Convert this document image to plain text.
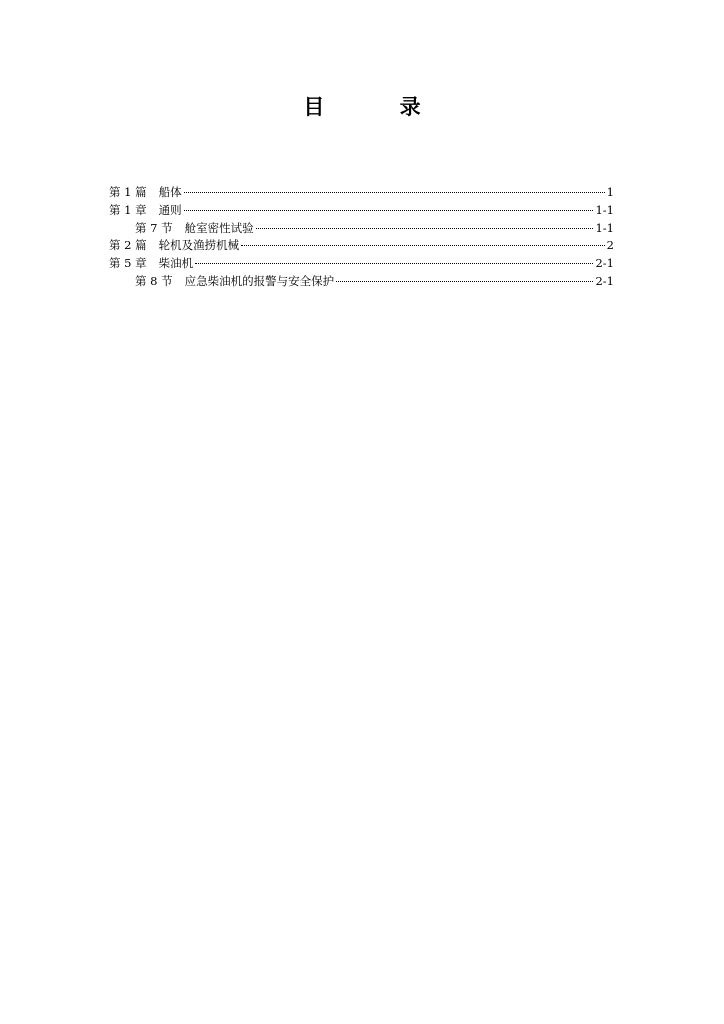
目 录
第 1 篇 船体	1
第 1 章 通则	1-1
第 7 节 舱室密性试验	1-1
第 2 篇 轮机及渔捞机械	2
第 5 章 柴油机	2-1
第 8 节 应急柴油机的报警与安全保护	2-1
